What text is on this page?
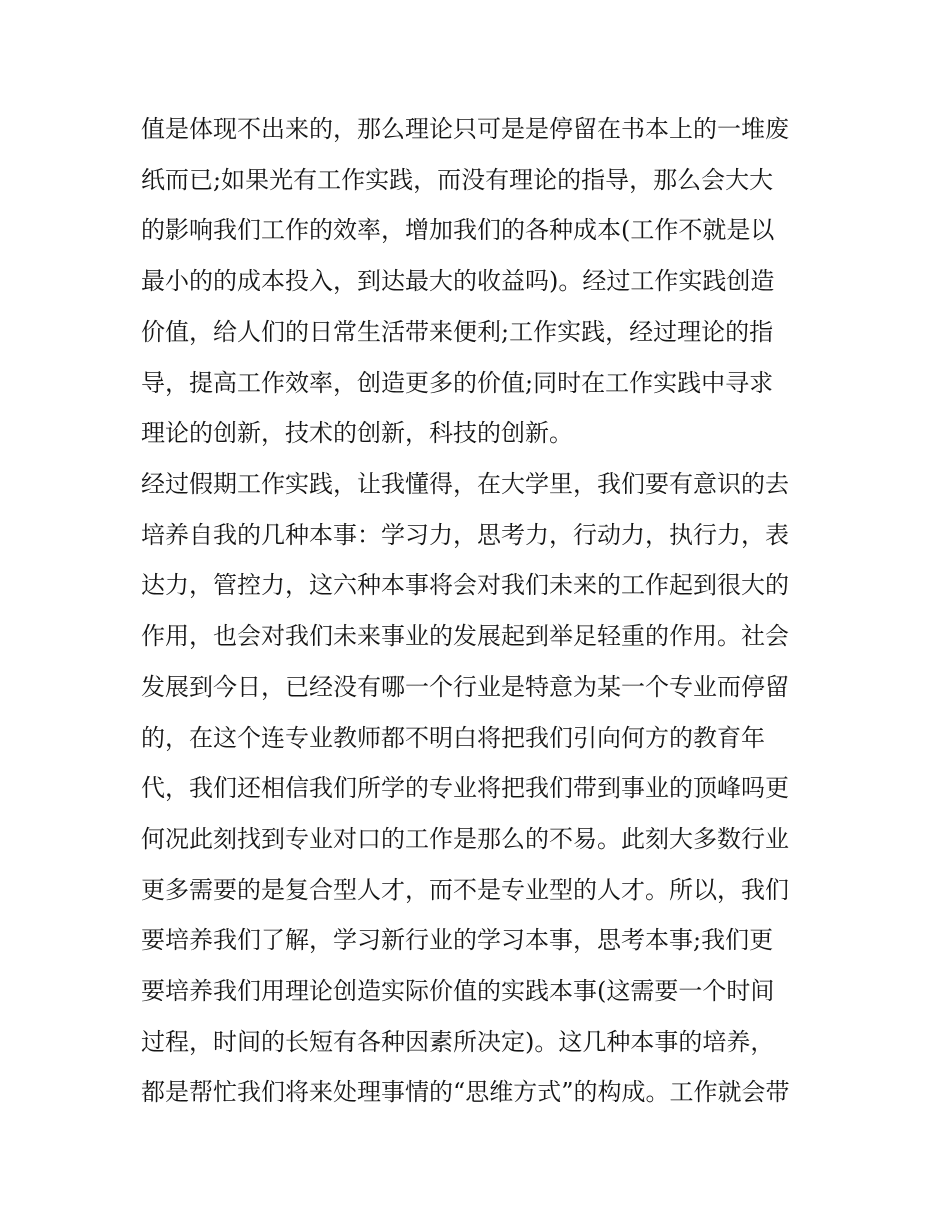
值是体现不出来的，那么理论只可是是停留在书本上的一堆废
纸而已;如果光有工作实践，而没有理论的指导，那么会大大
的影响我们工作的效率，增加我们的各种成本(工作不就是以
最小的的成本投入，到达最大的收益吗)。经过工作实践创造
价值，给人们的日常生活带来便利;工作实践，经过理论的指
导，提高工作效率，创造更多的价值;同时在工作实践中寻求
理论的创新，技术的创新，科技的创新。
经过假期工作实践，让我懂得，在大学里，我们要有意识的去
培养自我的几种本事：学习力，思考力，行动力，执行力，表
达力，管控力，这六种本事将会对我们未来的工作起到很大的
作用，也会对我们未来事业的发展起到举足轻重的作用。社会
发展到今日，已经没有哪一个行业是特意为某一个专业而停留
的，在这个连专业教师都不明白将把我们引向何方的教育年
代，我们还相信我们所学的专业将把我们带到事业的顶峰吗更
何况此刻找到专业对口的工作是那么的不易。此刻大多数行业
更多需要的是复合型人才，而不是专业型的人才。所以，我们
要培养我们了解，学习新行业的学习本事，思考本事;我们更
要培养我们用理论创造实际价值的实践本事(这需要一个时间
过程，时间的长短有各种因素所决定)。这几种本事的培养，
都是帮忙我们将来处理事情的“思维方式”的构成。工作就会带
